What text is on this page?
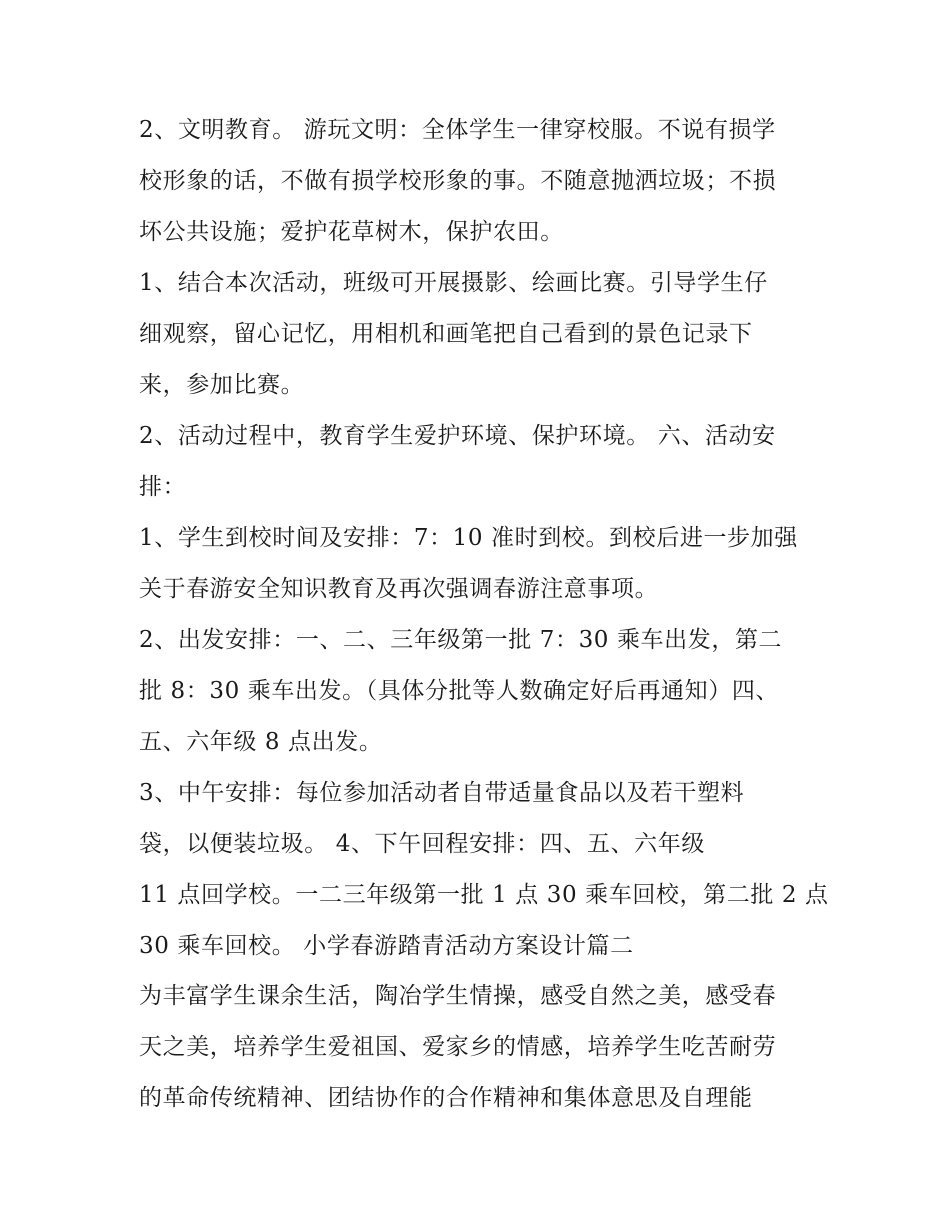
2、文明教育。 游玩文明：全体学生一律穿校服。不说有损学
校形象的话，不做有损学校形象的事。不随意抛洒垃圾；不损
坏公共设施；爱护花草树木，保护农田。
1、结合本次活动，班级可开展摄影、绘画比赛。引导学生仔
细观察，留心记忆，用相机和画笔把自己看到的景色记录下
来，参加比赛。
2、活动过程中，教育学生爱护环境、保护环境。 六、活动安
排：
1、学生到校时间及安排：7：10 准时到校。到校后进一步加强
关于春游安全知识教育及再次强调春游注意事项。
2、出发安排：一、二、三年级第一批 7：30 乘车出发，第二
批 8：30 乘车出发。（具体分批等人数确定好后再通知）四、
五、六年级 8 点出发。
3、中午安排：每位参加活动者自带适量食品以及若干塑料
袋，以便装垃圾。 4、下午回程安排：四、五、六年级
11 点回学校。一二三年级第一批 1 点 30 乘车回校，第二批 2 点
30 乘车回校。 小学春游踏青活动方案设计篇二
为丰富学生课余生活，陶冶学生情操，感受自然之美，感受春
天之美，培养学生爱祖国、爱家乡的情感，培养学生吃苦耐劳
的革命传统精神、团结协作的合作精神和集体意思及自理能
